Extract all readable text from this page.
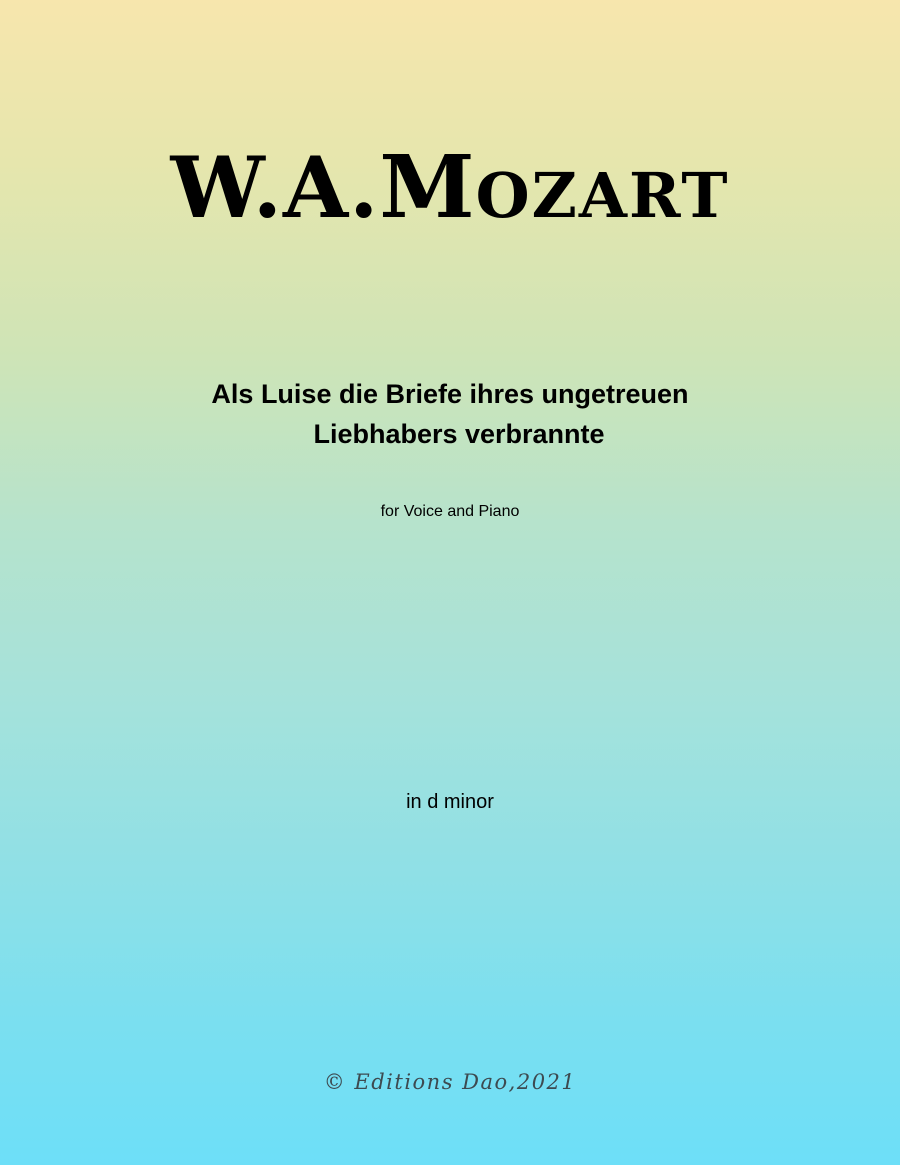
W.A.MOZART
Als Luise die Briefe ihres ungetreuen
Liebhabers verbrannte
for Voice and Piano
in d minor
© Editions Dao,2021
